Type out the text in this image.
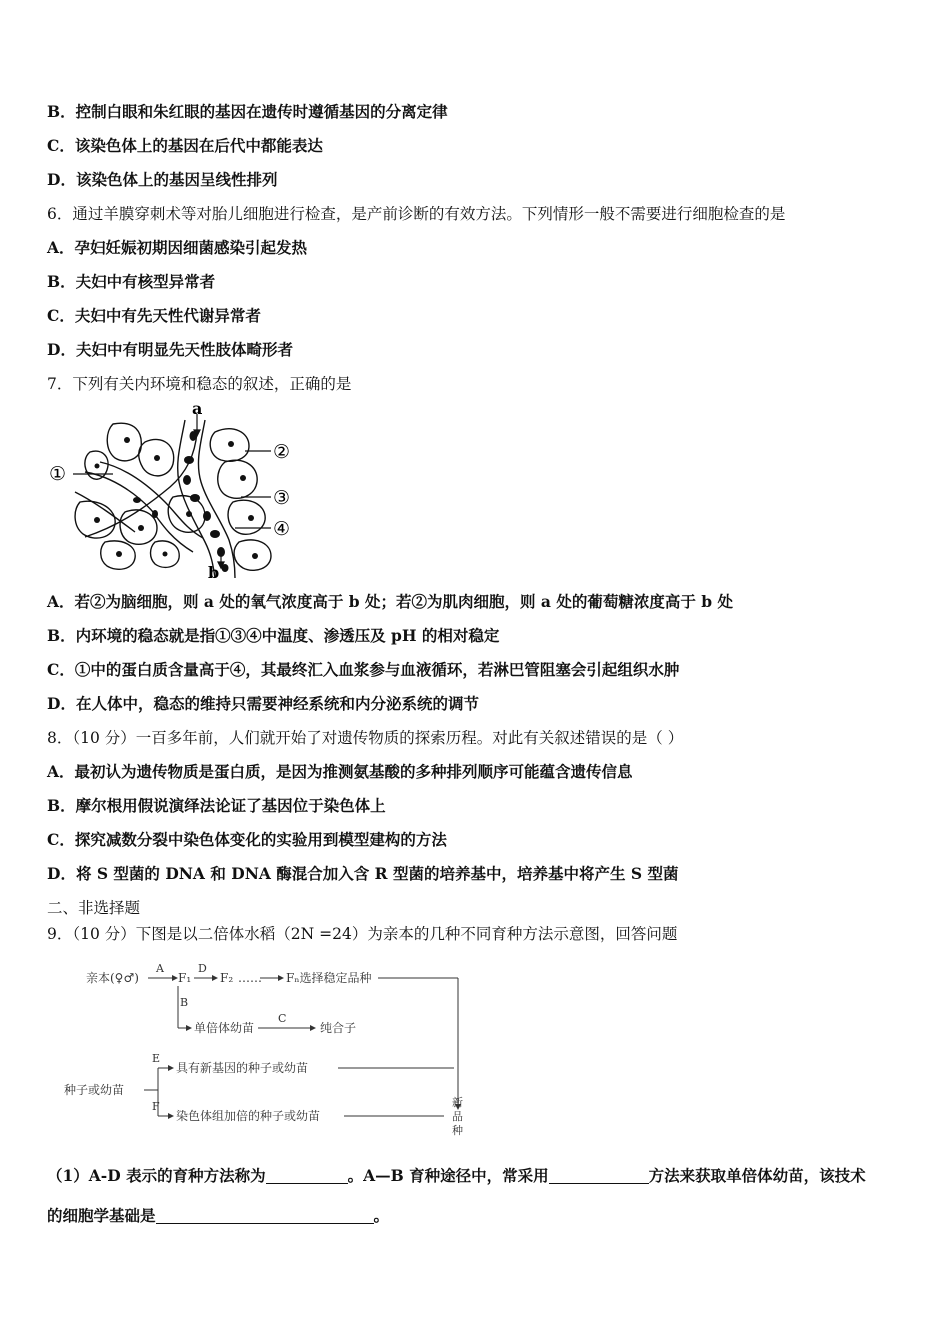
B．控制白眼和朱红眼的基因在遗传时遵循基因的分离定律
C．该染色体上的基因在后代中都能表达
D．该染色体上的基因呈线性排列
6．通过羊膜穿刺术等对胎儿细胞进行检查，是产前诊断的有效方法。下列情形一般不需要进行细胞检查的是
A．孕妇妊娠初期因细菌感染引起发热
B．夫妇中有核型异常者
C．夫妇中有先天性代谢异常者
D．夫妇中有明显先天性肢体畸形者
7．下列有关内环境和稳态的叙述，正确的是
a
b
①
②
③
④
A．若②为脑细胞，则 a 处的氧气浓度高于 b 处；若②为肌肉细胞，则 a 处的葡萄糖浓度高于 b 处
B．内环境的稳态就是指①③④中温度、渗透压及 pH 的相对稳定
C．①中的蛋白质含量高于④，其最终汇入血浆参与血液循环，若淋巴管阻塞会引起组织水肿
D．在人体中，稳态的维持只需要神经系统和内分泌系统的调节
8．（10 分）一百多年前，人们就开始了对遗传物质的探索历程。对此有关叙述错误的是（ ）
A．最初认为遗传物质是蛋白质，是因为推测氨基酸的多种排列顺序可能蕴含遗传信息
B．摩尔根用假说演绎法论证了基因位于染色体上
C．探究减数分裂中染色体变化的实验用到模型建构的方法
D．将 S 型菌的 DNA 和 DNA 酶混合加入含 R 型菌的培养基中，培养基中将产生 S 型菌
二、非选择题
9．（10 分）下图是以二倍体水稻（2N =24）为亲本的几种不同育种方法示意图，回答问题
亲本(♀♂)
A
F₁
D
F₂ …… Fₙ选择稳定品种
B
单倍体幼苗
C
纯合子
种子或幼苗
E
具有新基因的种子或幼苗
F
染色体组加倍的种子或幼苗
新 品 种
（1）A-D 表示的育种方法称为	。A—B 育种途径中，常采用	方法来获取单倍体幼苗，该技术
的细胞学基础是	。
